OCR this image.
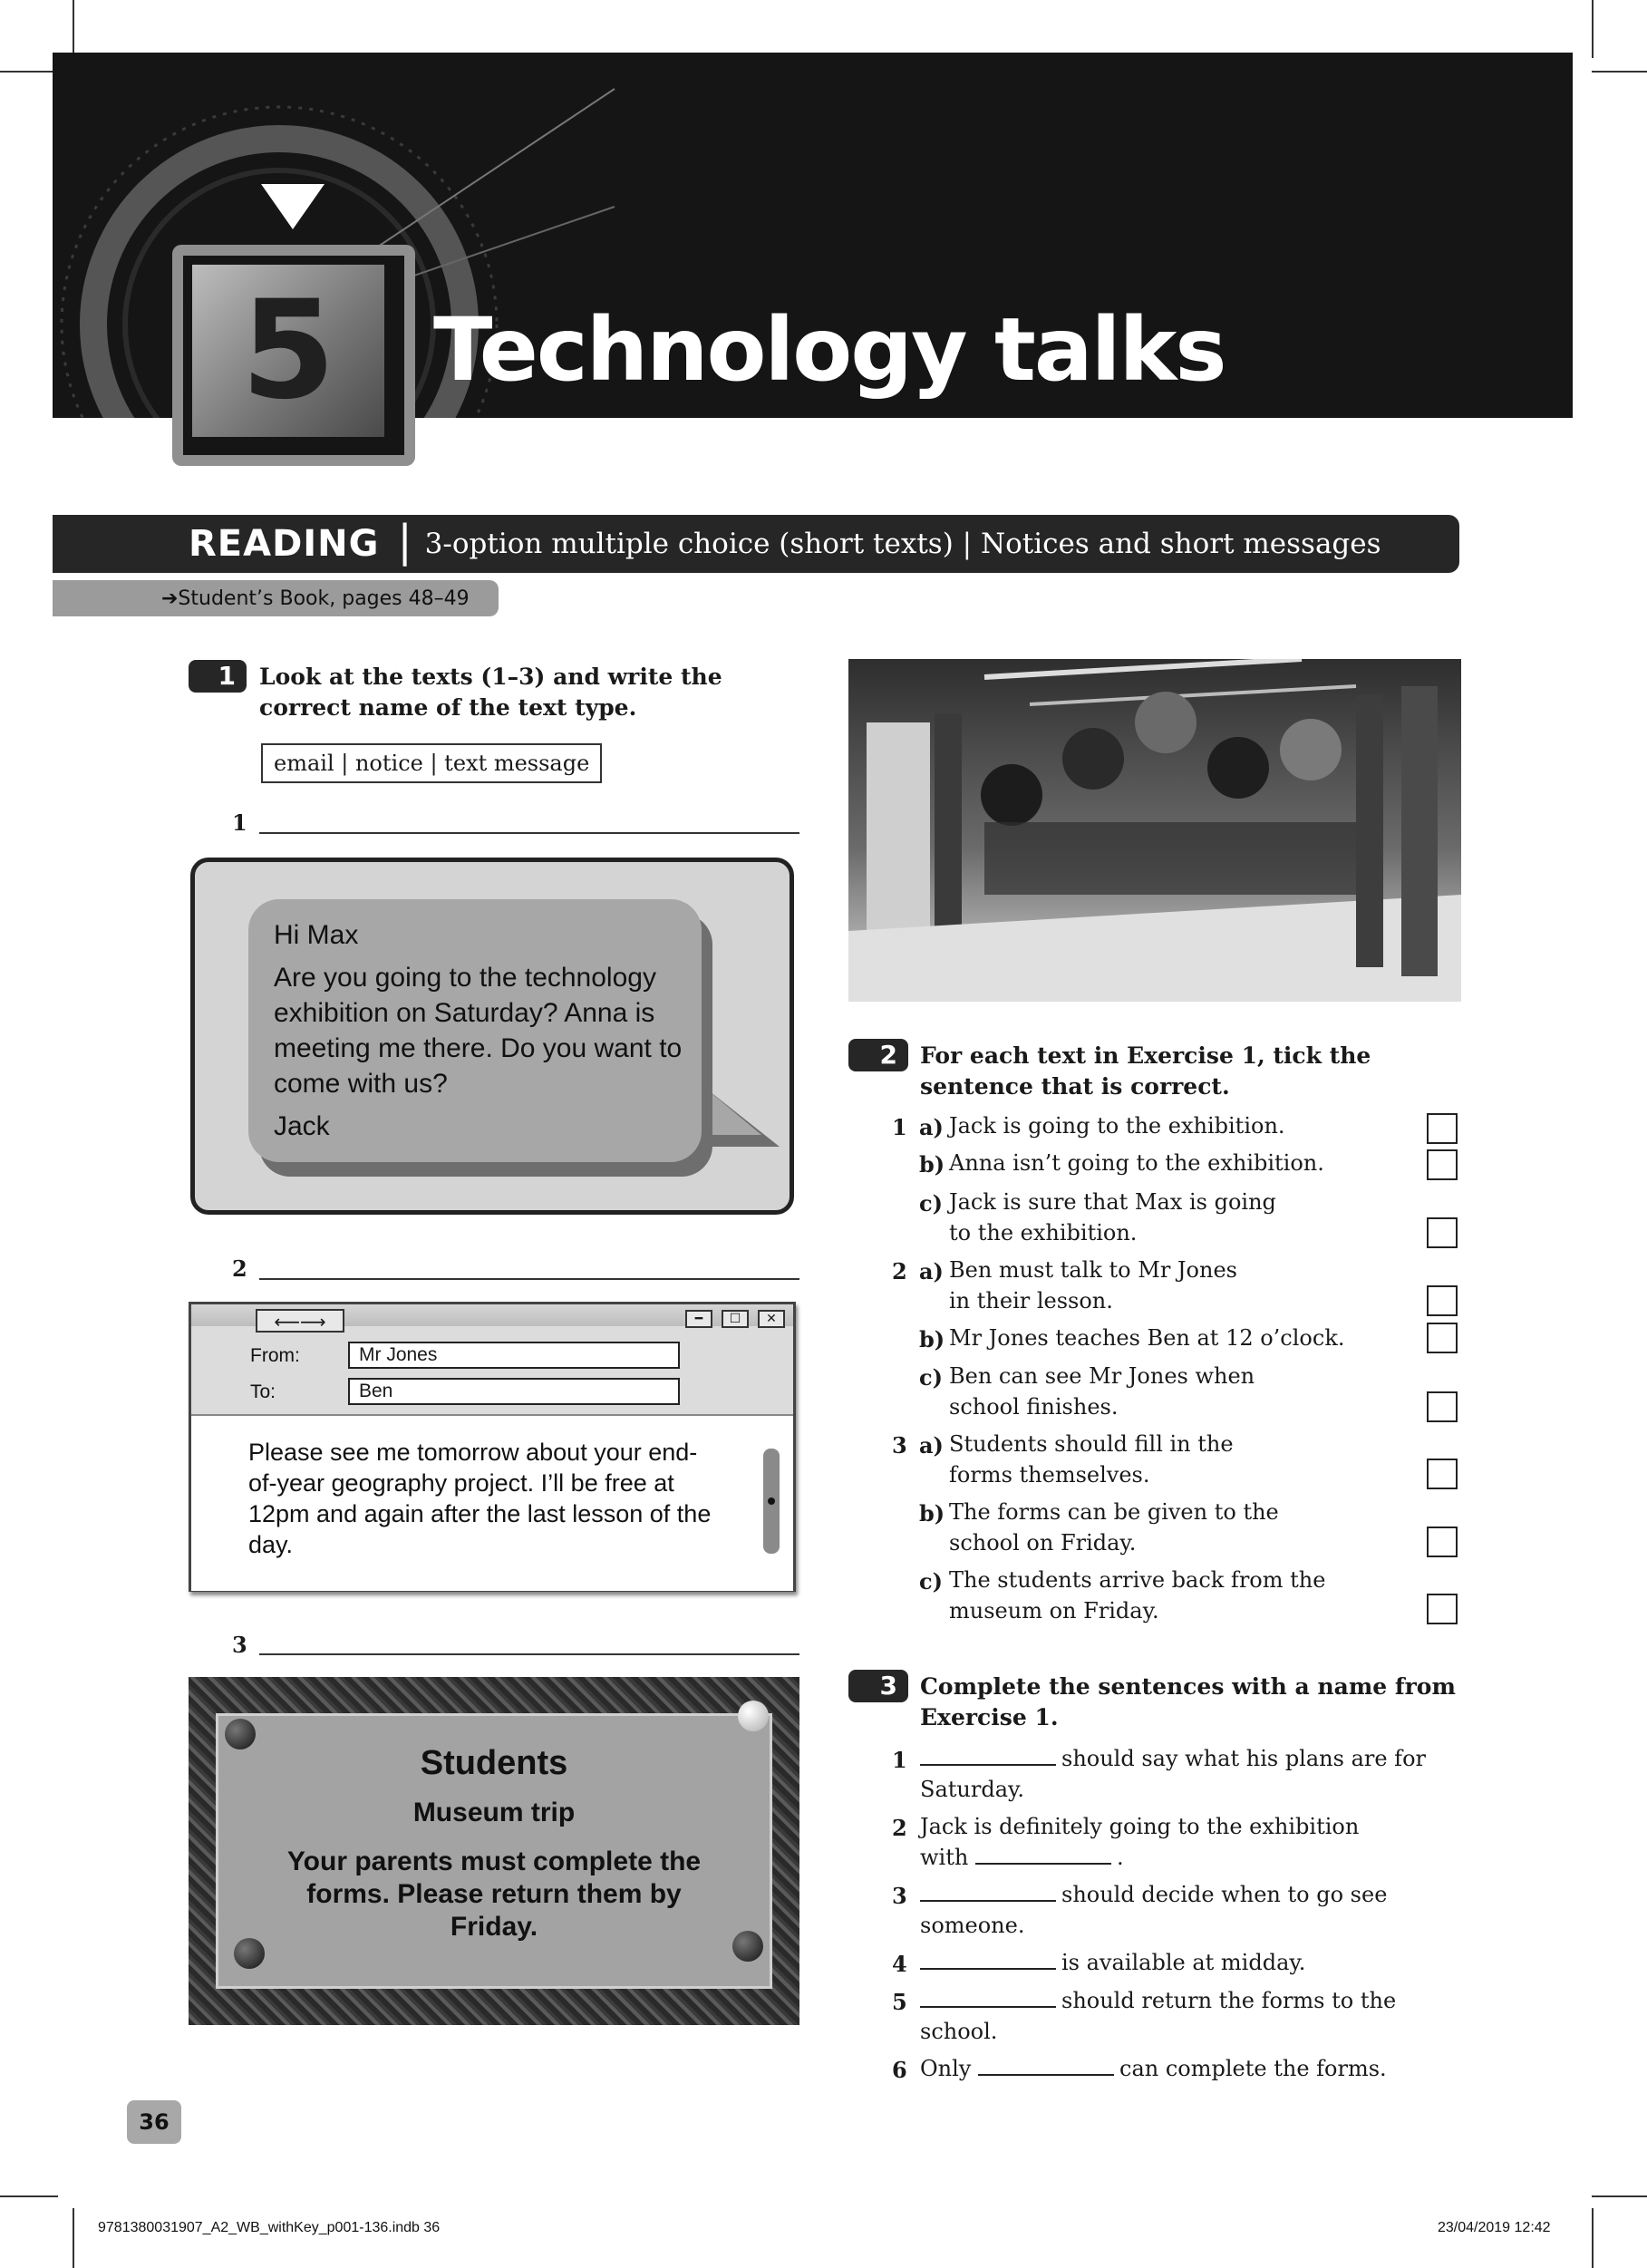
5	Technology talks
READING | 3-option multiple choice (short texts) | Notices and short messages
➔Student’s Book, pages 48–49
1	Look at the texts (1–3) and write the correct name of the text type.
email | notice | text message
1

Hi Max

Are you going to the technology exhibition on Saturday? Anna is meeting me there. Do you want to come with us?

Jack

2
⟵⟶	━	☐	✕
From:	Mr Jones
To:	Ben
Please see me tomorrow about your end-of-year geography project. I’ll be free at 12pm and again after the last lesson of the day.
3
Students
Museum trip
Your parents must complete the forms. Please return them by Friday.
2	For each text in Exercise 1, tick the sentence that is correct.
1 a) Jack is going to the exhibition.
b) Anna isn’t going to the exhibition.
c) Jack is sure that Max is going to the exhibition.
2 a) Ben must talk to Mr Jones in their lesson.
b) Mr Jones teaches Ben at 12 o’clock.
c) Ben can see Mr Jones when school finishes.
3 a) Students should fill in the forms themselves.
b) The forms can be given to the school on Friday.
c) The students arrive back from the museum on Friday.
3	Complete the sentences with a name from Exercise 1.
1	should say what his plans are for Saturday.
2 Jack is definitely going to the exhibition with	.
3	should decide when to go see someone.
4	is available at midday.
5	should return the forms to the school.
6 Only	can complete the forms.
36
9781380031907_A2_WB_withKey_p001-136.indb 36	23/04/2019 12:42
